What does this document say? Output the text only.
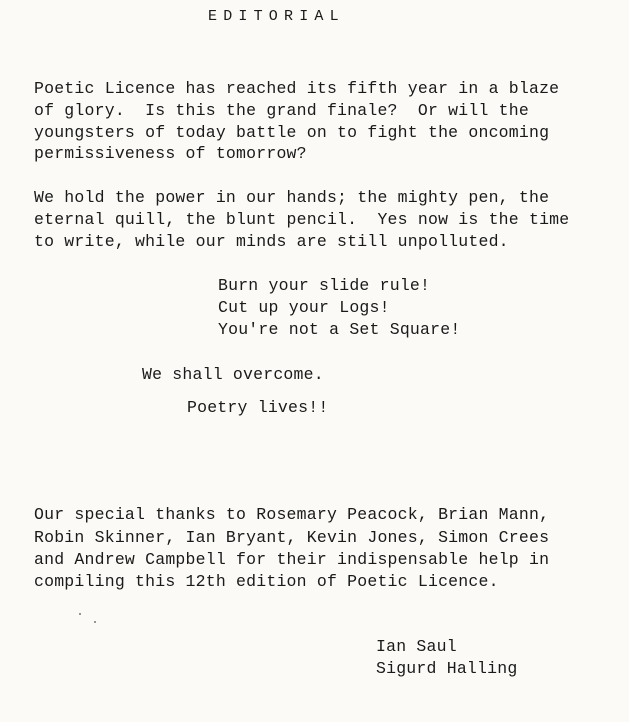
EDITORIAL
Poetic Licence has reached its fifth year in a blaze
of glory.  Is this the grand finale?  Or will the
youngsters of today battle on to fight the oncoming
permissiveness of tomorrow?
We hold the power in our hands; the mighty pen, the
eternal quill, the blunt pencil.  Yes now is the time
to write, while our minds are still unpolluted.
Burn your slide rule!
Cut up your Logs!
You're not a Set Square!
We shall overcome.
Poetry lives!!
Our special thanks to Rosemary Peacock, Brian Mann,
Robin Skinner, Ian Bryant, Kevin Jones, Simon Crees
and Andrew Campbell for their indispensable help in
compiling this 12th edition of Poetic Licence.
Ian Saul
Sigurd Halling
